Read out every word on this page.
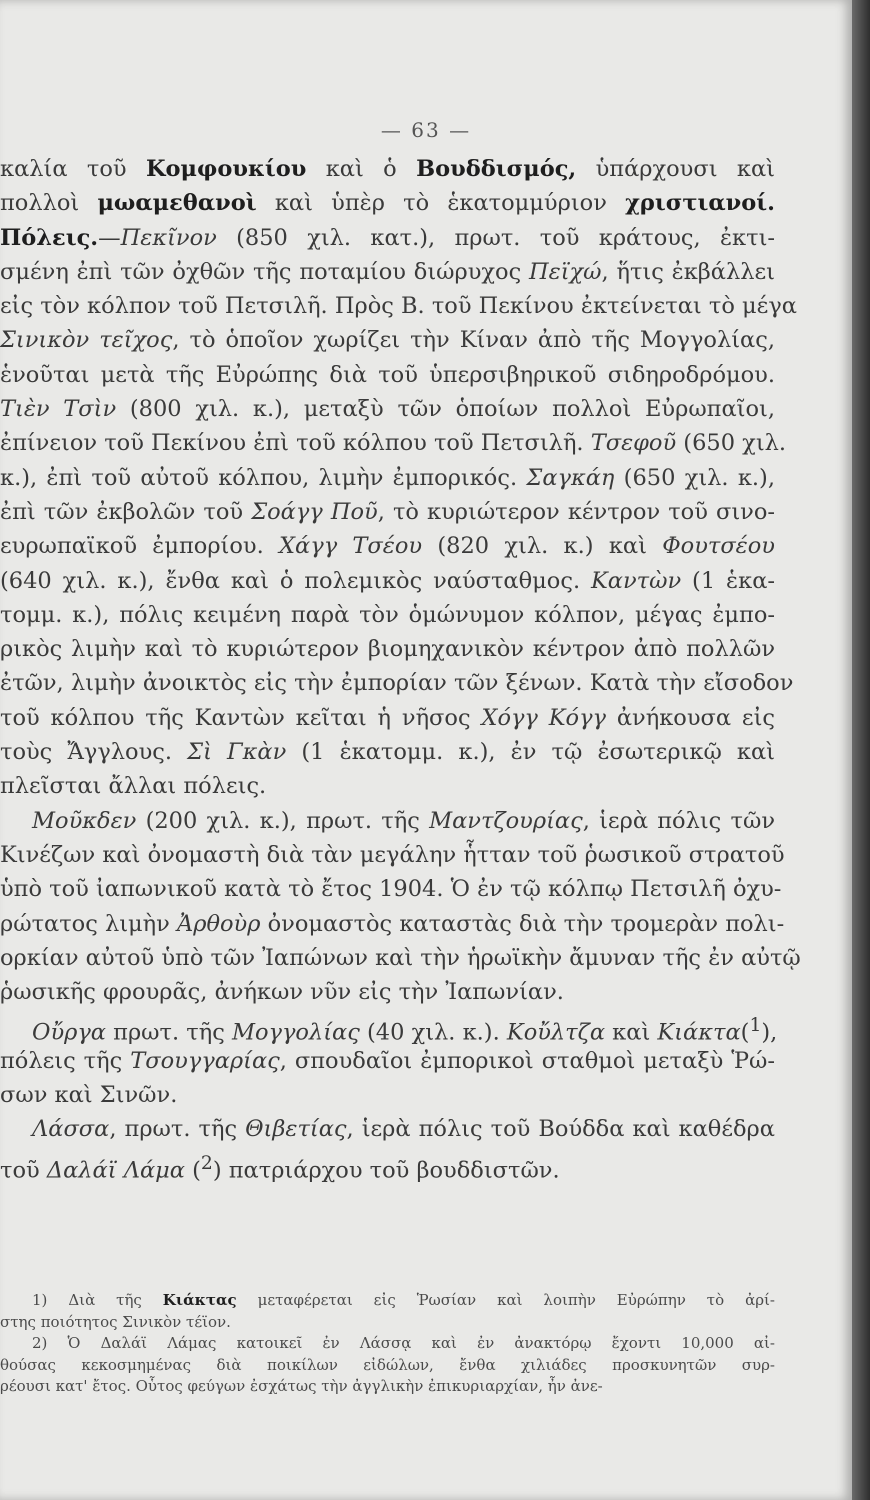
— 63 —
καλία τοῦ Κομφουκίου καὶ ὁ Βουδδισμός, ὑπάρχουσι καὶ
πολλοὶ μωαμεθανοὶ καὶ ὑπὲρ τὸ ἑκατομμύριον χριστιανοί.
Πόλεις.—Πεκῖνον (850 χιλ. κατ.), πρωτ. τοῦ κράτους, ἐκτι-
σμένη ἐπὶ τῶν ὀχθῶν τῆς ποταμίου διώρυχος Πεϊχώ, ἥτις ἐκβάλλει
εἰς τὸν κόλπον τοῦ Πετσιλῆ. Πρὸς Β. τοῦ Πεκίνου ἐκτείνεται τὸ μέγα
Σινικὸν τεῖχος, τὸ ὁποῖον χωρίζει τὴν Κίναν ἀπὸ τῆς Μογγολίας,
ἑνοῦται μετὰ τῆς Εὐρώπης διὰ τοῦ ὑπερσιβηρικοῦ σιδηροδρόμου.
Τιὲν Τσὶν (800 χιλ. κ.), μεταξὺ τῶν ὁποίων πολλοὶ Εὐρωπαῖοι,
ἐπίνειον τοῦ Πεκίνου ἐπὶ τοῦ κόλπου τοῦ Πετσιλῆ. Τσεφοῦ (650 χιλ.
κ.), ἐπὶ τοῦ αὐτοῦ κόλπου, λιμὴν ἐμπορικός. Σαγκάη (650 χιλ. κ.),
ἐπὶ τῶν ἐκβολῶν τοῦ Σοάγγ Ποῦ, τὸ κυριώτερον κέντρον τοῦ σινο-
ευρωπαϊκοῦ ἐμπορίου. Χάγγ Τσέου (820 χιλ. κ.) καὶ Φουτσέου
(640 χιλ. κ.), ἔνθα καὶ ὁ πολεμικὸς ναύσταθμος. Καντὼν (1 ἑκα-
τομμ. κ.), πόλις κειμένη παρὰ τὸν ὁμώνυμον κόλπον, μέγας ἐμπο-
ρικὸς λιμὴν καὶ τὸ κυριώτερον βιομηχανικὸν κέντρον ἀπὸ πολλῶν
ἐτῶν, λιμὴν ἀνοικτὸς εἰς τὴν ἐμπορίαν τῶν ξένων. Κατὰ τὴν εἴσοδον
τοῦ κόλπου τῆς Καντὼν κεῖται ἡ νῆσος Χόγγ Κόγγ ἀνήκουσα εἰς
τοὺς Ἄγγλους. Σὶ Γκὰν (1 ἑκατομμ. κ.), ἐν τῷ ἐσωτερικῷ καὶ
πλεῖσται ἄλλαι πόλεις.
Μοῦκδεν (200 χιλ. κ.), πρωτ. τῆς Μαντζουρίας, ἱερὰ πόλις τῶν
Κινέζων καὶ ὀνομαστὴ διὰ τὰν μεγάλην ἧτταν τοῦ ῥωσικοῦ στρατοῦ
ὑπὸ τοῦ ἰαπωνικοῦ κατὰ τὸ ἔτος 1904. Ὁ ἐν τῷ κόλπῳ Πετσιλῆ ὀχυ-
ρώτατος λιμὴν Ἀρθοὺρ ὀνομαστὸς καταστὰς διὰ τὴν τρομερὰν πολι-
ορκίαν αὐτοῦ ὑπὸ τῶν Ἰαπώνων καὶ τὴν ἡρωϊκὴν ἄμυναν τῆς ἐν αὐτῷ
ῥωσικῆς φρουρᾶς, ἀνήκων νῦν εἰς τὴν Ἰαπωνίαν.
Οὔργα πρωτ. τῆς Μογγολίας (40 χιλ. κ.). Κοὔλτζα καὶ Κιάκτα($^1$),
πόλεις τῆς Τσουγγαρίας, σπουδαῖοι ἐμπορικοὶ σταθμοὶ μεταξὺ Ῥώ-
σων καὶ Σινῶν.
Λάσσα, πρωτ. τῆς Θιβετίας, ἱερὰ πόλις τοῦ Βούδδα καὶ καθέδρα
τοῦ Δαλάϊ Λάμα ($^2$) πατριάρχου τοῦ βουδδιστῶν.
1) Διὰ τῆς Κιάκτας μεταφέρεται εἰς Ῥωσίαν καὶ λοιπὴν Εὐρώπην τὸ ἀρί-
στης ποιότητος Σινικὸν τέϊον.
2) Ὁ Δαλάϊ Λάμας κατοικεῖ ἐν Λάσσᾳ καὶ ἐν ἀνακτόρῳ ἔχοντι 10,000 αἰ-
θούσας κεκοσμημένας διὰ ποικίλων εἰδώλων, ἔνθα χιλιάδες προσκυνητῶν συρ-
ρέουσι κατ' ἔτος. Οὗτος φεύγων ἐσχάτως τὴν ἀγγλικὴν ἐπικυριαρχίαν, ἦν ἀνε-
